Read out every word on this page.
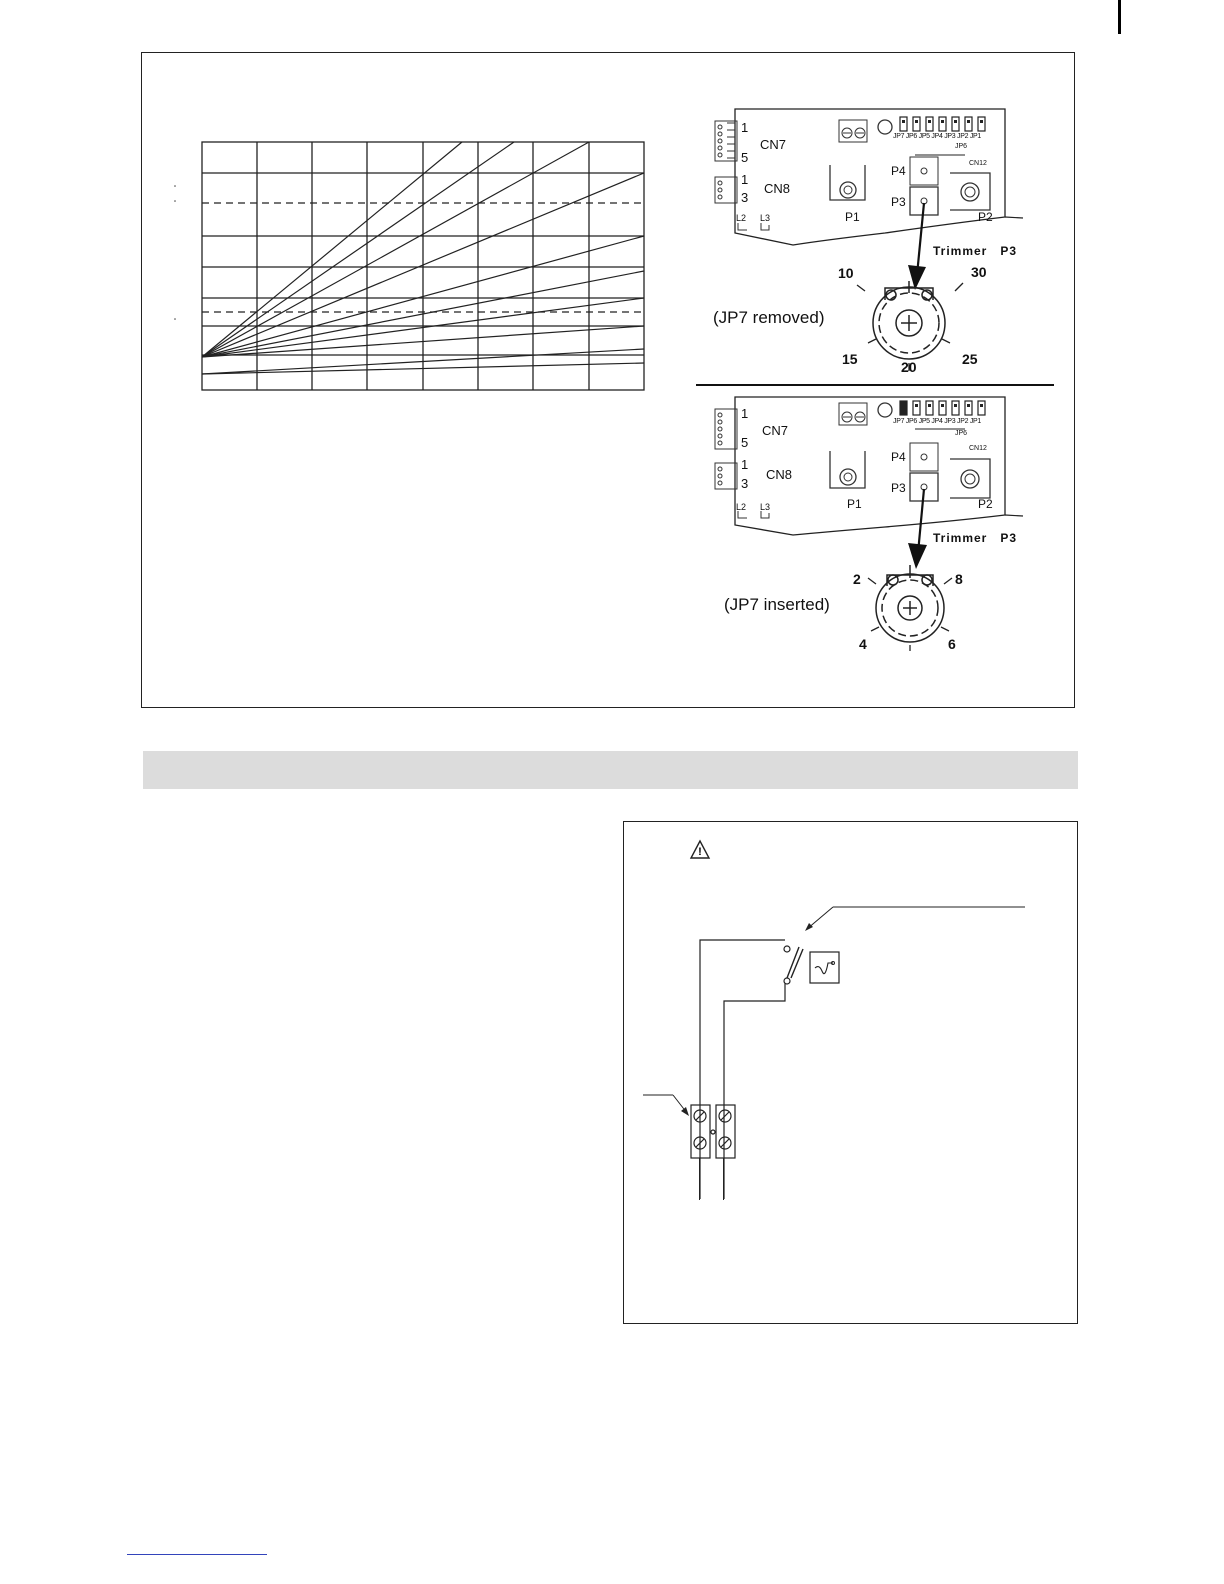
1
CN7
5
1
CN8
3
L2 L3
JP7 JP6 JP5 JP4 JP3 JP2 JP1
JP6
CN12
P4
P3
P1	P2
Trimmer   P3
(JP7 removed)
10	30
15	20	25
1
CN7
5
1
CN8
3
L2 L3
JP7 JP6 JP5 JP4 JP3 JP2 JP1
JP6
CN12
P4
P3
P1	P2
Trimmer   P3
(JP7 inserted)
2	8
4	6
!
